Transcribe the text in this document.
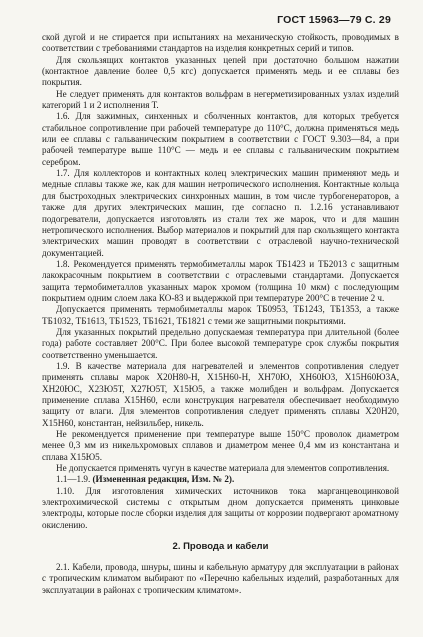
ГОСТ 15963—79 С. 29

ской дугой и не стирается при испытаниях на механическую стойкость, проводимых в соответствии с требованиями стандартов на изделия конкретных серий и типов.

Для скользящих контактов указанных цепей при достаточно большом нажатии (контактное давление более 0,5 кгс) допускается применять медь и ее сплавы без покрытия.

Не следует применять для контактов вольфрам в негерметизированных узлах изделий категорий 1 и 2 исполнения Т.

1.6. Для зажимных, синхенных и сболченных контактов, для которых требуется стабильное сопротивление при рабочей температуре до 110°С, должна применяться медь или ее сплавы с гальваническим покрытием в соответствии с ГОСТ 9.303—84, а при рабочей температуре выше 110°С — медь и ее сплавы с гальваническим покрытием серебром.

1.7. Для коллекторов и контактных колец электрических машин применяют медь и медные сплавы также же, как для машин нетропического исполнения. Контактные кольца для быстроходных электрических синхронных машин, в том числе турбогенераторов, а также для других электрических машин, где согласно п. 1.2.16 устанавливают подогреватели, допускается изготовлять из стали тех же марок, что и для машин нетропического исполнения. Выбор материалов и покрытий для пар скользящего контакта электрических машин проводят в соответствии с отраслевой научно-технической документацией.

1.8. Рекомендуется применять термобиметаллы марок ТБ1423 и ТБ2013 с защитным лакокрасочным покрытием в соответствии с отраслевыми стандартами. Допускается защита термобиметаллов указанных марок хромом (толщина 10 мкм) с последующим покрытием одним слоем лака КО-83 и выдержкой при температуре 200°С в течение 2 ч.

Допускается применять термобиметаллы марок ТБ0953, ТБ1243, ТБ1353, а также ТБ1032, ТБ1613, ТБ1523, ТБ1621, ТБ1821 с теми же защитными покрытиями.

Для указанных покрытий предельно допускаемая температура при длительной (более года) работе составляет 200°С. При более высокой температуре срок службы покрытия соответственно уменьшается.

1.9. В качестве материала для нагревателей и элементов сопротивления следует применять сплавы марок Х20Н80-Н, Х15Н60-Н, ХН70Ю, ХН60Ю3, Х15Н60Ю3А, ХН20ЮС, Х23Ю5Т, Х27Ю5Т, Х15Ю5, а также молибден и вольфрам. Допускается применение сплава Х15Н60, если конструкция нагревателя обеспечивает необходимую защиту от влаги. Для элементов сопротивления следует применять сплавы Х20Н20, Х15Н60, константан, нейзильбер, никель.

Не рекомендуется применение при температуре выше 150°С проволок диаметром менее 0,3 мм из никельхромовых сплавов и диаметром менее 0,4 мм из константана и сплава Х15Ю5.

Не допускается применять чугун в качестве материала для элементов сопротивления.

1.1—1.9. (Измененная редакция, Изм. № 2).

1.10. Для изготовления химических источников тока марганцевоцинковой электрохимической системы с открытым дном допускается применять цинковые электроды, которые после сборки изделия для защиты от коррозии подвергают ароматному окислению.

2. Провода и кабели

2.1. Кабели, провода, шнуры, шины и кабельную арматуру для эксплуатации в районах с тропическим климатом выбирают по «Перечню кабельных изделий, разработанных для эксплуатации в районах с тропическим климатом».
